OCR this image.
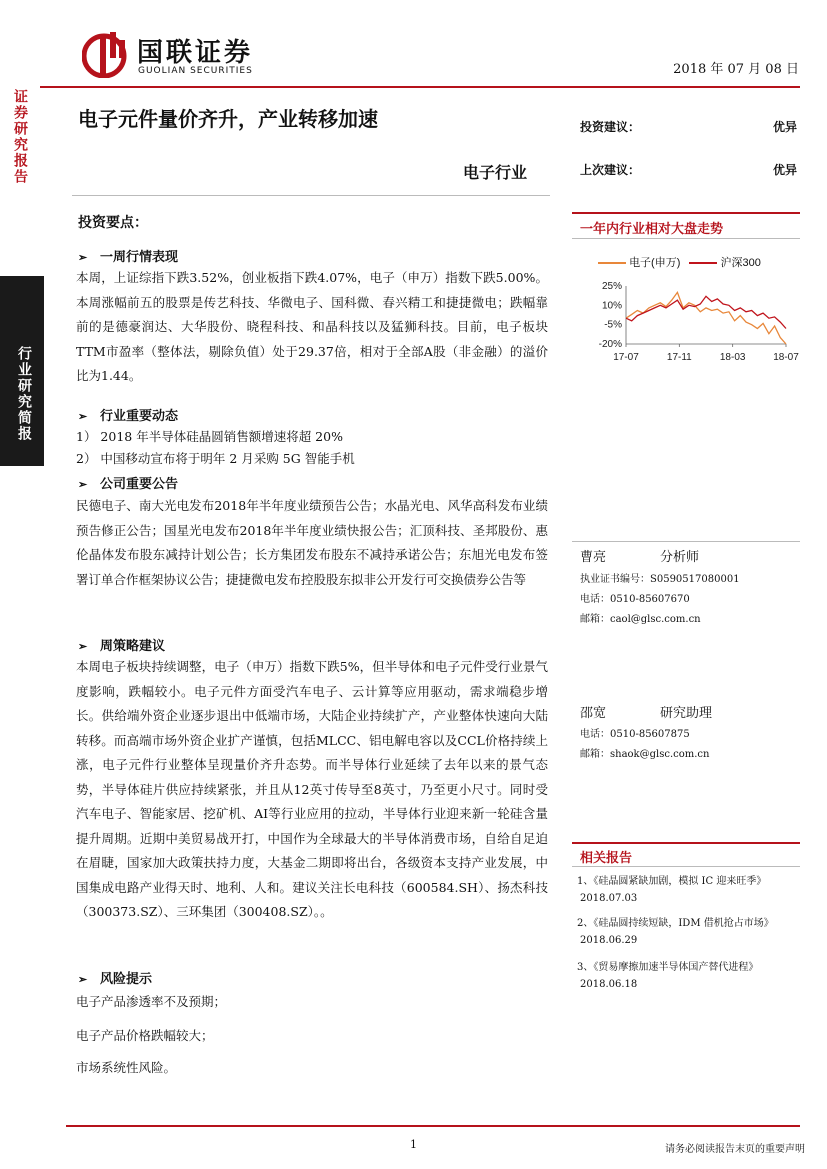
国联证券
GUOLIAN SECURITIES	2018 年 07 月 08 日
证券研究报告
行业研究简报
电子元件量价齐升，产业转移加速
电子行业
投资要点：
➢ 一周行情表现
本周，上证综指下跌3.52%，创业板指下跌4.07%，电子（申万）指数下跌5.00%。本周涨幅前五的股票是传艺科技、华微电子、国科微、春兴精工和捷捷微电；跌幅靠前的是德豪润达、大华股份、晓程科技、和晶科技以及猛狮科技。目前，电子板块TTM市盈率（整体法，剔除负值）处于29.37倍，相对于全部A股（非金融）的溢价比为1.44。
➢ 行业重要动态
1） 2018 年半导体硅晶圆销售额增速将超 20%
2） 中国移动宣布将于明年 2 月采购 5G 智能手机
➢ 公司重要公告
民德电子、南大光电发布2018年半年度业绩预告公告；水晶光电、风华高科发布业绩预告修正公告；国星光电发布2018年半年度业绩快报公告；汇顶科技、圣邦股份、惠伦晶体发布股东减持计划公告；长方集团发布股东不减持承诺公告；东旭光电发布签署订单合作框架协议公告；捷捷微电发布控股股东拟非公开发行可交换债券公告等
➢ 周策略建议
本周电子板块持续调整，电子（申万）指数下跌5%，但半导体和电子元件受行业景气度影响，跌幅较小。电子元件方面受汽车电子、云计算等应用驱动，需求端稳步增长。供给端外资企业逐步退出中低端市场，大陆企业持续扩产，产业整体快速向大陆转移。而高端市场外资企业扩产谨慎，包括MLCC、铝电解电容以及CCL价格持续上涨，电子元件行业整体呈现量价齐升态势。而半导体行业延续了去年以来的景气态势，半导体硅片供应持续紧张，并且从12英寸传导至8英寸，乃至更小尺寸。同时受汽车电子、智能家居、挖矿机、AI等行业应用的拉动，半导体行业迎来新一轮硅含量提升周期。近期中美贸易战开打，中国作为全球最大的半导体消费市场，自给自足迫在眉睫，国家加大政策扶持力度，大基金二期即将出台，各级资本支持产业发展，中国集成电路产业得天时、地利、人和。建议关注长电科技（600584.SH）、扬杰科技（300373.SZ）、三环集团（300408.SZ）。。
➢ 风险提示
电子产品渗透率不及预期；
电子产品价格跌幅较大；
市场系统性风险。
投资建议：	优异
上次建议：	优异
一年内行业相对大盘走势
电子(申万)	沪深300
25%
10%
-5%
-20%
17-07	17-11	18-03	18-07
曹亮	分析师
执业证书编号：S0590517080001
电话：0510-85607670
邮箱：caol@glsc.com.cn
邵宽	研究助理
电话：0510-85607875
邮箱：shaok@glsc.com.cn
相关报告
1、《硅晶圆紧缺加剧，模拟 IC 迎来旺季》
2018.07.03
2、《硅晶圆持续短缺，IDM 借机抢占市场》
2018.06.29
3、《贸易摩擦加速半导体国产替代进程》
2018.06.18
1	请务必阅读报告末页的重要声明
